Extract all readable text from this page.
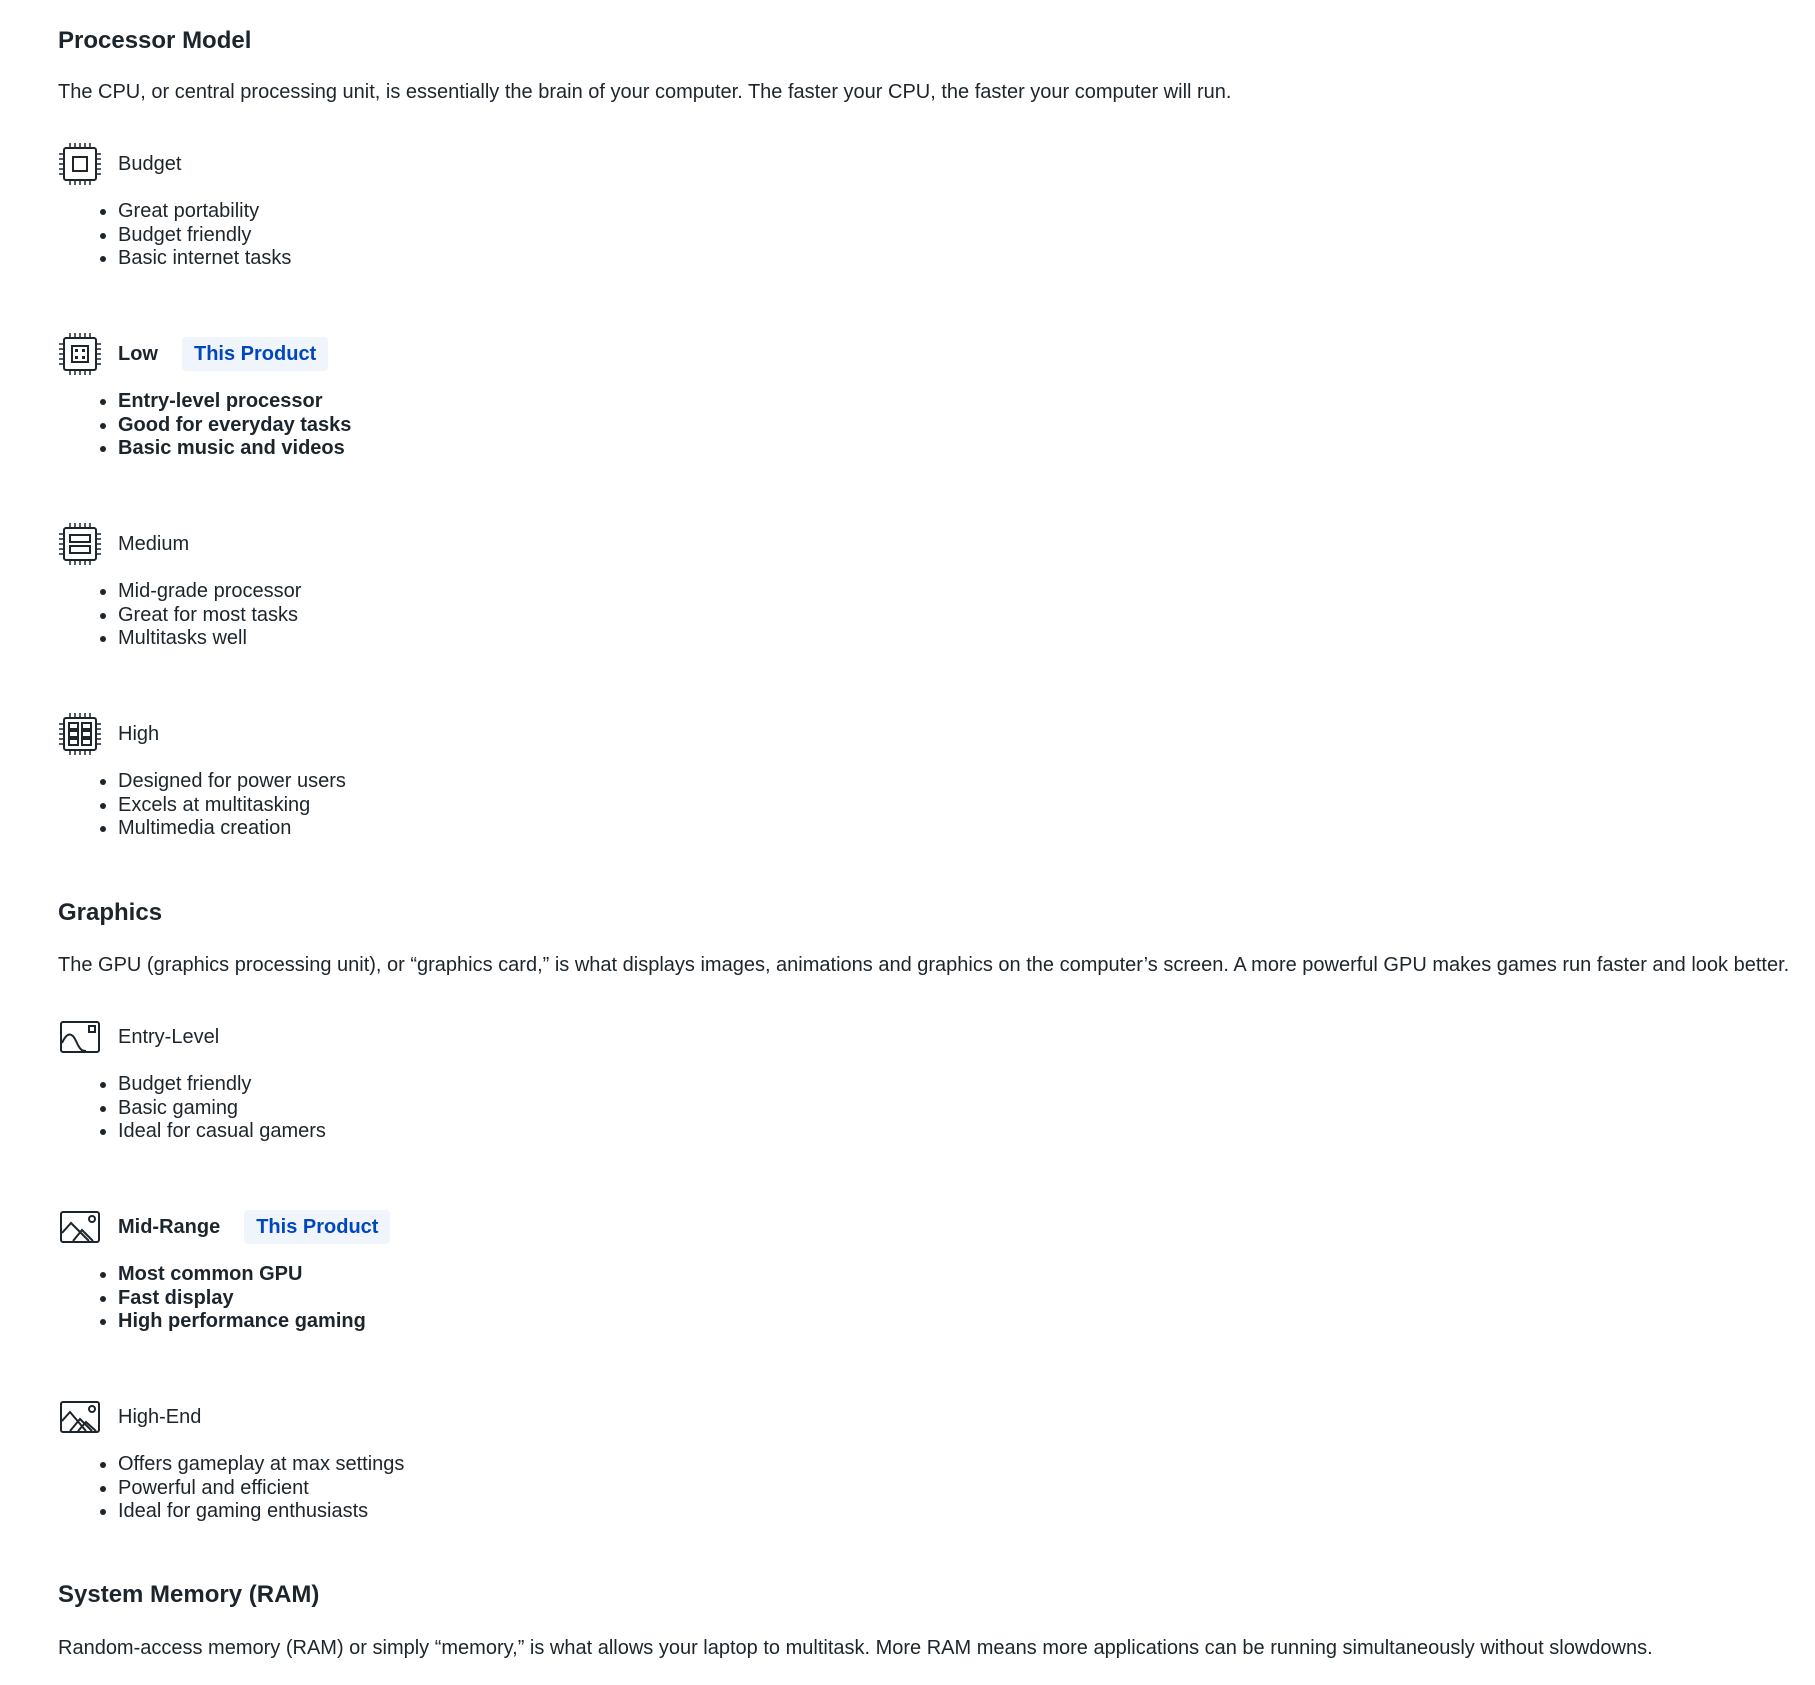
Processor Model

The CPU, or central processing unit, is essentially the brain of your computer. The faster your CPU, the faster your computer will run.

Budget
• Great portability
• Budget friendly
• Basic internet tasks
Low	This Product
• Entry-level processor
• Good for everyday tasks
• Basic music and videos
Medium
• Mid-grade processor
• Great for most tasks
• Multitasks well
High
• Designed for power users
• Excels at multitasking
• Multimedia creation
Graphics

The GPU (graphics processing unit), or “graphics card,” is what displays images, animations and graphics on the computer’s screen. A more powerful GPU makes games run faster and look better.

Entry-Level
• Budget friendly
• Basic gaming
• Ideal for casual gamers
Mid-Range	This Product
• Most common GPU
• Fast display
• High performance gaming
High-End
• Offers gameplay at max settings
• Powerful and efficient
• Ideal for gaming enthusiasts
System Memory (RAM)

Random-access memory (RAM) or simply “memory,” is what allows your laptop to multitask. More RAM means more applications can be running simultaneously without slowdowns.
